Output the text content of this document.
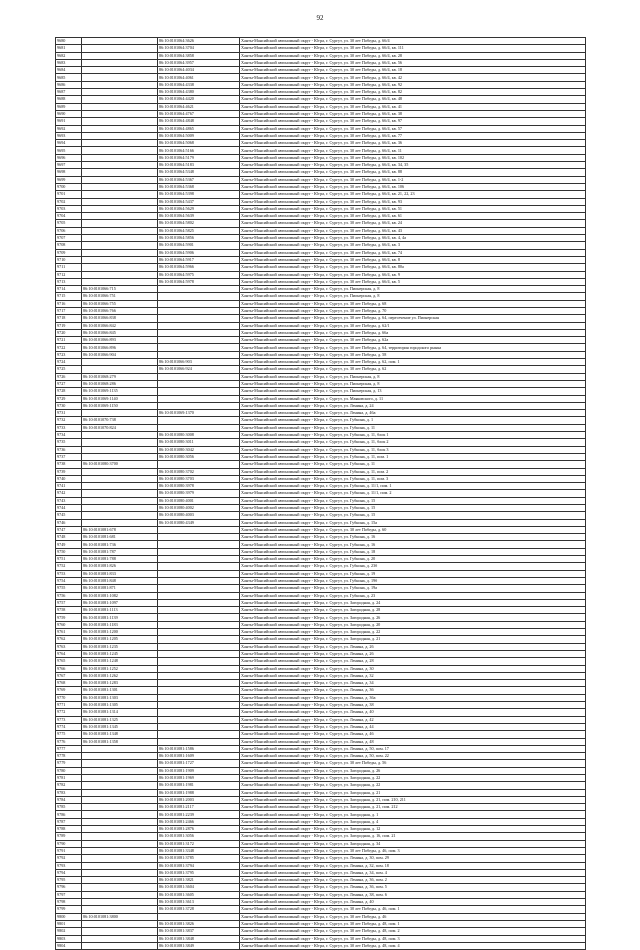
92
9680		86:10:0101064:3626	Ханты-Мансийский автономный округ - Югра, г. Сургут, ул. 30 лет Победы, д. 66/4
9681		86:10:0101064:3704	Ханты-Мансийский автономный округ - Югра, г. Сургут, ул. 30 лет Победы, д. 66/4, кв. 111
9682		86:10:0101064:3858	Ханты-Мансийский автономный округ - Югра, г. Сургут, ул. 30 лет Победы, д. 66/4, кв. 28
9683		86:10:0101064:3957	Ханты-Мансийский автономный округ - Югра, г. Сургут, ул. 30 лет Победы, д. 66/4, кв. 56
9684		86:10:0101064:4034	Ханты-Мансийский автономный округ - Югра, г. Сургут, ул. 30 лет Победы, д. 66/4, кв. 18
9685		86:10:0101064:4061	Ханты-Мансийский автономный округ - Югра, г. Сургут, ул. 30 лет Победы, д. 66/4, кв. 42
9686		86:10:0101064:4338	Ханты-Мансийский автономный округ - Югра, г. Сургут, ул. 30 лет Победы, д. 66/4, кв. 92
9687		86:10:0101064:4380	Ханты-Мансийский автономный округ - Югра, г. Сургут, ул. 30 лет Победы, д. 66/4, кв. 82
9688		86:10:0101064:4420	Ханты-Мансийский автономный округ - Югра, г. Сургут, ул. 30 лет Победы, д. 66/4, кв. 48
9689		86:10:0101064:4621	Ханты-Мансийский автономный округ - Югра, г. Сургут, ул. 30 лет Победы, д. 66/4, кв. 41
9690		86:10:0101064:4767	Ханты-Мансийский автономный округ - Югра, г. Сургут, ул. 30 лет Победы, д. 66/4, кв. 38
9691		86:10:0101064:4848	Ханты-Мансийский автономный округ - Югра, г. Сургут, ул. 30 лет Победы, д. 66/4, кв. 97
9692		86:10:0101064:4865	Ханты-Мансийский автономный округ - Югра, г. Сургут, ул. 30 лет Победы, д. 66/4, кв. 57
9693		86:10:0101064:5009	Ханты-Мансийский автономный округ - Югра, г. Сургут, ул. 30 лет Победы, д. 66/4, кв. 77
9694		86:10:0101064:5068	Ханты-Мансийский автономный округ - Югра, г. Сургут, ул. 30 лет Победы, д. 66/4, кв. 36
9695		86:10:0101064:5166	Ханты-Мансийский автономный округ - Югра, г. Сургут, ул. 30 лет Победы, д. 66/4, кв. 11
9696		86:10:0101064:5179	Ханты-Мансийский автономный округ - Югра, г. Сургут, ул. 30 лет Победы, д. 66/4, кв. 102
9697		86:10:0101064:5183	Ханты-Мансийский автономный округ - Югра, г. Сургут, ул. 30 лет Победы, д. 66/4, кв. 34, 35
9698		86:10:0101064:5348	Ханты-Мансийский автономный округ - Югра, г. Сургут, ул. 30 лет Победы, д. 66/4, кв. 88
9699		86:10:0101064:5367	Ханты-Мансийский автономный округ - Югра, г. Сургут, ул. 30 лет Победы, д. 66/4, кв. 1-2
9700		86:10:0101064:5368	Ханты-Мансийский автономный округ - Югра, г. Сургут, ул. 30 лет Победы, д. 66/4, кв. 106
9701		86:10:0101064:5398	Ханты-Мансийский автономный округ - Югра, г. Сургут, ул. 30 лет Победы, д. 66/4, кв. 21, 22, 23
9702		86:10:0101064:5437	Ханты-Мансийский автономный округ - Югра, г. Сургут, ул. 30 лет Победы, д. 66/4, кв. 93
9703		86:10:0101064:5629	Ханты-Мансийский автономный округ - Югра, г. Сургут, ул. 30 лет Победы, д. 66/4, кв. 51
9704		86:10:0101064:5639	Ханты-Мансийский автономный округ - Югра, г. Сургут, ул. 30 лет Победы, д. 66/4, кв. 61
9705		86:10:0101064:5802	Ханты-Мансийский автономный округ - Югра, г. Сургут, ул. 30 лет Победы, д. 66/4, кв. 24
9706		86:10:0101064:5825	Ханты-Мансийский автономный округ - Югра, г. Сургут, ул. 30 лет Победы, д. 66/4, кв. 43
9707		86:10:0101064:5856	Ханты-Мансийский автономный округ - Югра, г. Сургут, ул. 30 лет Победы, д. 66/4, кв. 4, 4а
9708		86:10:0101064:5901	Ханты-Мансийский автономный округ - Югра, г. Сургут, ул. 30 лет Победы, д. 66/4, кв. 3
9709		86:10:0101064:5906	Ханты-Мансийский автономный округ - Югра, г. Сургут, ул. 30 лет Победы, д. 66/4, кв. 74
9710		86:10:0101064:5917	Ханты-Мансийский автономный округ - Югра, г. Сургут, ул. 30 лет Победы, д. 66/4, кв. 8
9711		86:10:0101064:5966	Ханты-Мансийский автономный округ - Югра, г. Сургут, ул. 30 лет Победы, д. 66/4, кв. 80а
9712		86:10:0101064:5975	Ханты-Мансийский автономный округ - Югра, г. Сургут, ул. 30 лет Победы, д. 66/4, кв. 9
9713		86:10:0101064:5978	Ханты-Мансийский автономный округ - Югра, г. Сургут, ул. 30 лет Победы, д. 66/4, кв. 5
9714	86:10:0101066:715		Ханты-Мансийский автономный округ - Югра, г. Сургут, ул. Пионерская, д. 8
9715	86:10:0101066:751		Ханты-Мансийский автономный округ - Югра, г. Сургут, ул. Пионерская, д. 8
9716	86:10:0101066:755		Ханты-Мансийский автономный округ - Югра, г. Сургут, ул. 30 лет Победы, д. 68
9717	86:10:0101066:766		Ханты-Мансийский автономный округ - Югра, г. Сургут, ул. 30 лет Победы, д. 70
9718	86:10:0101066:838		Ханты-Мансийский автономный округ - Югра, г. Сургут, ул. 30 лет Победы, д. 64, пересечение ул. Пионерская
9719	86:10:0101066:842		Ханты-Мансийский автономный округ - Югра, г. Сургут, ул. 30 лет Победы, д. 62/1
9720	86:10:0101066:845		Ханты-Мансийский автономный округ - Югра, г. Сургут, ул. 30 лет Победы, д. 66а
9721	86:10:0101066:893		Ханты-Мансийский автономный округ - Югра, г. Сургут, ул. 30 лет Победы, д. 62а
9722	86:10:0101066:896		Ханты-Мансийский автономный округ - Югра, г. Сургут, ул. 30 лет Победы, д. 64, территория городского рынка
9723	86:10:0101066:904		Ханты-Мансийский автономный округ - Югра, г. Сургут, ул. 30 лет Победы, д. 58
9724		86:10:0101066:903	Ханты-Мансийский автономный округ - Югра, г. Сургут, ул. 30 лет Победы, д. 62, пом. 1
9725		86:10:0101066:924	Ханты-Мансийский автономный округ - Югра, г. Сургут, ул. 30 лет Победы, д. 62
9726	86:10:0101068:279		Ханты-Мансийский автономный округ - Югра, г. Сургут, ул. Пионерская, д. 8
9727	86:10:0101068:286		Ханты-Мансийский автономный округ - Югра, г. Сургут, ул. Пионерская, д. 8
9728	86:10:0101069:1135		Ханты-Мансийский автономный округ - Югра, г. Сургут, ул. Пионерская, д. 13
9729	86:10:0101069:1140		Ханты-Мансийский автономный округ - Югра, г. Сургут, ул. Маяковского, д. 11
9730	86:10:0101069:1150		Ханты-Мансийский автономный округ - Югра, г. Сургут, ул. Ленина, д. 24
9731		86:10:0101069:1370	Ханты-Мансийский автономный округ - Югра, г. Сургут, ул. Ленина, д. 46а
9732	86:10:0101070:738		Ханты-Мансийский автономный округ - Югра, г. Сургут, ул. Губкина, д. 1
9733	86:10:0101070:824		Ханты-Мансийский автономный округ - Югра, г. Сургут, ул. Губкина, д. 11
9734		86:10:0101080:3008	Ханты-Мансийский автономный округ - Югра, г. Сургут, ул. Губкина, д. 11, блок 1
9735		86:10:0101080:3011	Ханты-Мансийский автономный округ - Югра, г. Сургут, ул. Губкина, д. 11, блок 2
9736		86:10:0101080:3042	Ханты-Мансийский автономный округ - Югра, г. Сургут, ул. Губкина, д. 11, блок 3
9737		86:10:0101080:3056	Ханты-Мансийский автономный округ - Югра, г. Сургут, ул. Губкина, д. 11, пом. 1
9738	86:10:0101080:3700		Ханты-Мансийский автономный округ - Югра, г. Сургут, ул. Губкина, д. 11
9739		86:10:0101080:3702	Ханты-Мансийский автономный округ - Югра, г. Сургут, ул. Губкина, д. 11, пом. 2
9740		86:10:0101080:3703	Ханты-Мансийский автономный округ - Югра, г. Сургут, ул. Губкина, д. 11, пом. 3
9741		86:10:0101080:3978	Ханты-Мансийский автономный округ - Югра, г. Сургут, ул. Губкина, д. 11/1, пом. 1
9742		86:10:0101080:3979	Ханты-Мансийский автономный округ - Югра, г. Сургут, ул. Губкина, д. 11/1, пом. 2
9743		86:10:0101080:4001	Ханты-Мансийский автономный округ - Югра, г. Сургут, ул. Губкина, д. 15
9744		86:10:0101080:4002	Ханты-Мансийский автономный округ - Югра, г. Сургут, ул. Губкина, д. 15
9745		86:10:0101080:4003	Ханты-Мансийский автономный округ - Югра, г. Сургут, ул. Губкина, д. 15
9746		86:10:0101080:4349	Ханты-Мансийский автономный округ - Югра, г. Сургут, ул. Губкина, д. 15а
9747	86:10:0101081:678		Ханты-Мансийский автономный округ - Югра, г. Сургут, ул. 30 лет Победы, д. 60
9748	86:10:0101081:681		Ханты-Мансийский автономный округ - Югра, г. Сургут, ул. Губкина, д. 16
9749	86:10:0101081:736		Ханты-Мансийский автономный округ - Югра, г. Сургут, ул. Губкина, д. 16
9750	86:10:0101081:787		Ханты-Мансийский автономный округ - Югра, г. Сургут, ул. Губкина, д. 18
9751	86:10:0101081:788		Ханты-Мансийский автономный округ - Югра, г. Сургут, ул. Губкина, д. 20
9752	86:10:0101081:826		Ханты-Мансийский автономный округ - Югра, г. Сургут, ул. Губкина, д. 23б
9753	86:10:0101081:833		Ханты-Мансийский автономный округ - Югра, г. Сургут, ул. Губкина, д. 19
9754	86:10:0101081:848		Ханты-Мансийский автономный округ - Югра, г. Сургут, ул. Губкина, д. 19б
9755	86:10:0101081:871		Ханты-Мансийский автономный округ - Югра, г. Сургут, ул. Губкина, д. 19а
9756	86:10:0101081:1082		Ханты-Мансийский автономный округ - Югра, г. Сургут, ул. Губкина, д. 23
9757	86:10:0101081:1097		Ханты-Мансийский автономный округ - Югра, г. Сургут, ул. Загородная, д. 24
9758	86:10:0101081:1113		Ханты-Мансийский автономный округ - Югра, г. Сургут, ул. Загородная, д. 28
9759	86:10:0101081:1139		Ханты-Мансийский автономный округ - Югра, г. Сургут, ул. Загородная, д. 26
9760	86:10:0101081:1183		Ханты-Мансийский автономный округ - Югра, г. Сургут, ул. Загородная, д. 20
9761	86:10:0101081:1200		Ханты-Мансийский автономный округ - Югра, г. Сургут, ул. Загородная, д. 22
9762	86:10:0101081:1205		Ханты-Мансийский автономный округ - Югра, г. Сургут, ул. Загородная, д. 21
9763	86:10:0101081:1235		Ханты-Мансийский автономный округ - Югра, г. Сургут, ул. Ленина, д. 26
9764	86:10:0101081:1245		Ханты-Мансийский автономный округ - Югра, г. Сургут, ул. Ленина, д. 26
9765	86:10:0101081:1248		Ханты-Мансийский автономный округ - Югра, г. Сургут, ул. Ленина, д. 28
9766	86:10:0101081:1252		Ханты-Мансийский автономный округ - Югра, г. Сургут, ул. Ленина, д. 30
9767	86:10:0101081:1262		Ханты-Мансийский автономный округ - Югра, г. Сургут, ул. Ленина, д. 32
9768	86:10:0101081:1283		Ханты-Мансийский автономный округ - Югра, г. Сургут, ул. Ленина, д. 34
9769	86:10:0101081:1301		Ханты-Мансийский автономный округ - Югра, г. Сургут, ул. Ленина, д. 36
9770	86:10:0101081:1303		Ханты-Мансийский автономный округ - Югра, г. Сургут, ул. Ленина, д. 36а
9771	86:10:0101081:1305		Ханты-Мансийский автономный округ - Югра, г. Сургут, ул. Ленина, д. 38
9772	86:10:0101081:1314		Ханты-Мансийский автономный округ - Югра, г. Сургут, ул. Ленина, д. 40
9773	86:10:0101081:1325		Ханты-Мансийский автономный округ - Югра, г. Сургут, ул. Ленина, д. 42
9774	86:10:0101081:1345		Ханты-Мансийский автономный округ - Югра, г. Сургут, ул. Ленина, д. 44
9775	86:10:0101081:1348		Ханты-Мансийский автономный округ - Югра, г. Сургут, ул. Ленина, д. 46
9776	86:10:0101081:1358		Ханты-Мансийский автономный округ - Югра, г. Сургут, ул. Ленина, д. 48
9777		86:10:0101081:1586	Ханты-Мансийский автономный округ - Югра, г. Сургут, ул. Ленина, д. 50, пом. 17
9778		86:10:0101081:1609	Ханты-Мансийский автономный округ - Югра, г. Сургут, ул. Ленина, д. 50, пом. 22
9779		86:10:0101081:1727	Ханты-Мансийский автономный округ - Югра, г. Сургут, ул. 30 лет Победы, д. 56
9780		86:10:0101081:1909	Ханты-Мансийский автономный округ - Югра, г. Сургут, ул. Загородная, д. 26
9781		86:10:0101081:1969	Ханты-Мансийский автономный округ - Югра, г. Сургут, ул. Загородная, д. 22
9782		86:10:0101081:1981	Ханты-Мансийский автономный округ - Югра, г. Сургут, ул. Загородная, д. 22
9783		86:10:0101081:1988	Ханты-Мансийский автономный округ - Югра, г. Сургут, ул. Загородная, д. 21
9784		86:10:0101081:2003	Ханты-Мансийский автономный округ - Югра, г. Сургут, ул. Загородная, д. 21, пом. 210, 211
9785		86:10:0101081:2117	Ханты-Мансийский автономный округ - Югра, г. Сургут, ул. Загородная, д. 21, пом. 212
9786		86:10:0101081:2239	Ханты-Мансийский автономный округ - Югра, г. Сургут, ул. Загородная, д. 1
9787		86:10:0101081:2466	Ханты-Мансийский автономный округ - Югра, г. Сургут, ул. Загородная, д. 4
9788		86:10:0101081:2876	Ханты-Мансийский автономный округ - Югра, г. Сургут, ул. Загородная, д. 12
9789		86:10:0101081:3056	Ханты-Мансийский автономный округ - Югра, г. Сургут, ул. Загородная, д. 16, пом. 21
9790		86:10:0101081:3172	Ханты-Мансийский автономный округ - Югра, г. Сургут, ул. Загородная, д. 34
9791		86:10:0101081:3348	Ханты-Мансийский автономный округ - Югра, г. Сургут, ул. 30 лет Победы, д. 46, пом. 3
9792		86:10:0101081:3785	Ханты-Мансийский автономный округ - Югра, г. Сургут, ул. Ленина, д. 30, пом. 29
9793		86:10:0101081:3794	Ханты-Мансийский автономный округ - Югра, г. Сургут, ул. Ленина, д. 32, пом. 18
9794		86:10:0101081:3795	Ханты-Мансийский автономный округ - Югра, г. Сургут, ул. Ленина, д. 34, пом. 4
9795		86:10:0101081:3821	Ханты-Мансийский автономный округ - Югра, г. Сургут, ул. Ленина, д. 36, пом. 2
9796		86:10:0101081:3604	Ханты-Мансийский автономный округ - Югра, г. Сургут, ул. Ленина, д. 36, пом. 5
9797		86:10:0101081:3605	Ханты-Мансийский автономный округ - Югра, г. Сургут, ул. Ленина, д. 38, пом. 6
9798		86:10:0101081:3613	Ханты-Мансийский автономный округ - Югра, г. Сургут, ул. Ленина, д. 40
9799		86:10:0101081:3728	Ханты-Мансийский автономный округ - Югра, г. Сургут, ул. 30 лет Победы, д. 46, пом. 1
9800	86:10:0101081:3800		Ханты-Мансийский автономный округ - Югра, г. Сургут, ул. 30 лет Победы, д. 46
9801		86:10:0101081:3826	Ханты-Мансийский автономный округ - Югра, г. Сургут, ул. 30 лет Победы, д. 48, пом. 1
9802		86:10:0101081:3837	Ханты-Мансийский автономный округ - Югра, г. Сургут, ул. 30 лет Победы, д. 48, пом. 2
9803		86:10:0101081:3848	Ханты-Мансийский автономный округ - Югра, г. Сургут, ул. 30 лет Победы, д. 48, пом. 3
9804		86:10:0101081:3849	Ханты-Мансийский автономный округ - Югра, г. Сургут, ул. 30 лет Победы, д. 48, пом. 4
